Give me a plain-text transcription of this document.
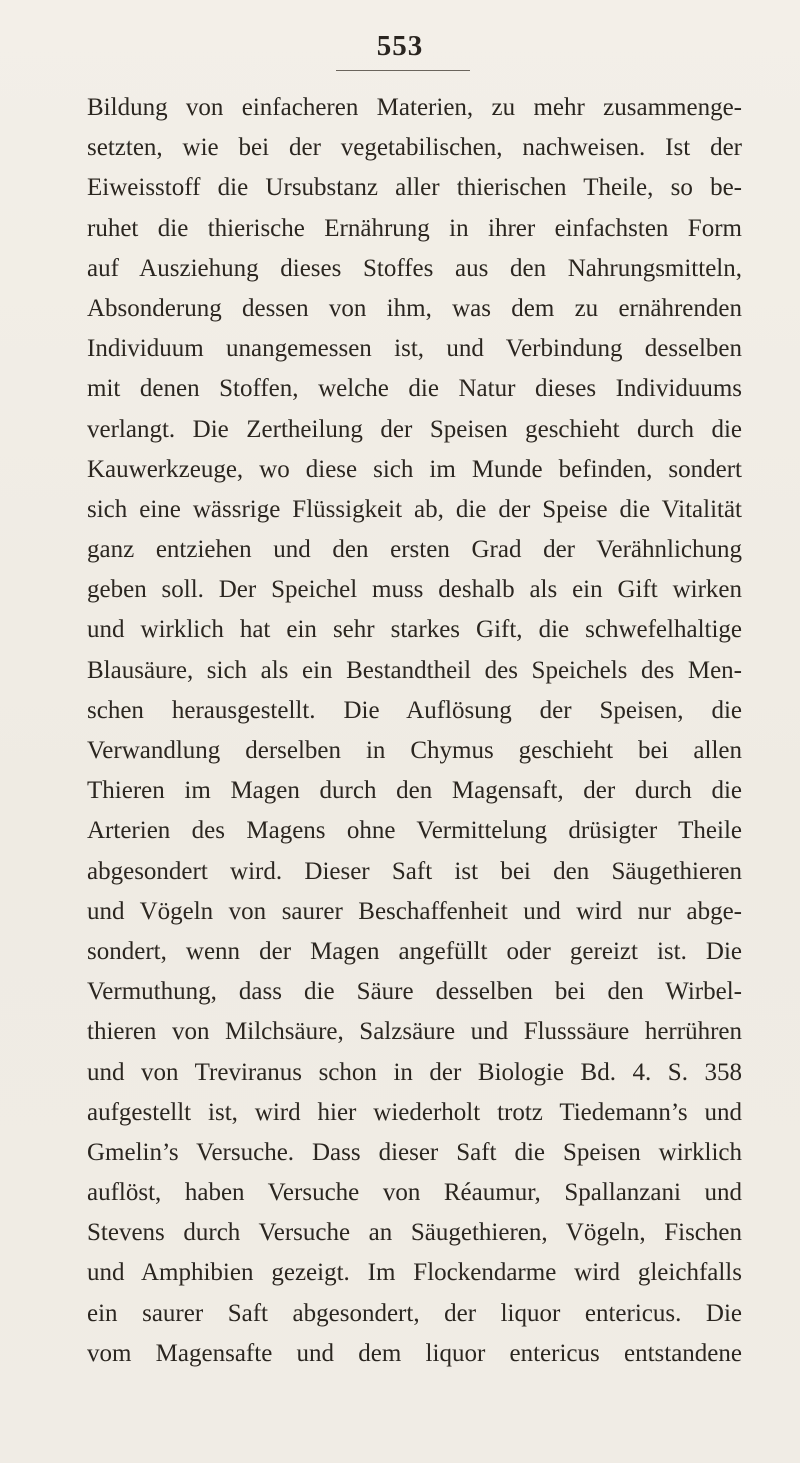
553
Bildung von einfacheren Materien, zu mehr zusammenge-
setzten, wie bei der vegetabilischen, nachweisen. Ist der
Eiweisstoff die Ursubstanz aller thierischen Theile, so be-
ruhet die thierische Ernährung in ihrer einfachsten Form
auf Ausziehung dieses Stoffes aus den Nahrungsmitteln,
Absonderung dessen von ihm, was dem zu ernährenden
Individuum unangemessen ist, und Verbindung desselben
mit denen Stoffen, welche die Natur dieses Individuums
verlangt. Die Zertheilung der Speisen geschieht durch die
Kauwerkzeuge, wo diese sich im Munde befinden, sondert
sich eine wässrige Flüssigkeit ab, die der Speise die Vitalität
ganz entziehen und den ersten Grad der Verähnlichung
geben soll. Der Speichel muss deshalb als ein Gift wirken
und wirklich hat ein sehr starkes Gift, die schwefelhaltige
Blausäure, sich als ein Bestandtheil des Speichels des Men-
schen herausgestellt. Die Auflösung der Speisen, die
Verwandlung derselben in Chymus geschieht bei allen
Thieren im Magen durch den Magensaft, der durch die
Arterien des Magens ohne Vermittelung drüsigter Theile
abgesondert wird. Dieser Saft ist bei den Säugethieren
und Vögeln von saurer Beschaffenheit und wird nur abge-
sondert, wenn der Magen angefüllt oder gereizt ist. Die
Vermuthung, dass die Säure desselben bei den Wirbel-
thieren von Milchsäure, Salzsäure und Flusssäure herrühren
und von Treviranus schon in der Biologie Bd. 4. S. 358
aufgestellt ist, wird hier wiederholt trotz Tiedemann’s und
Gmelin’s Versuche. Dass dieser Saft die Speisen wirklich
auflöst, haben Versuche von Réaumur, Spallanzani und
Stevens durch Versuche an Säugethieren, Vögeln, Fischen
und Amphibien gezeigt. Im Flockendarme wird gleichfalls
ein saurer Saft abgesondert, der liquor entericus. Die
vom Magensafte und dem liquor entericus entstandene
